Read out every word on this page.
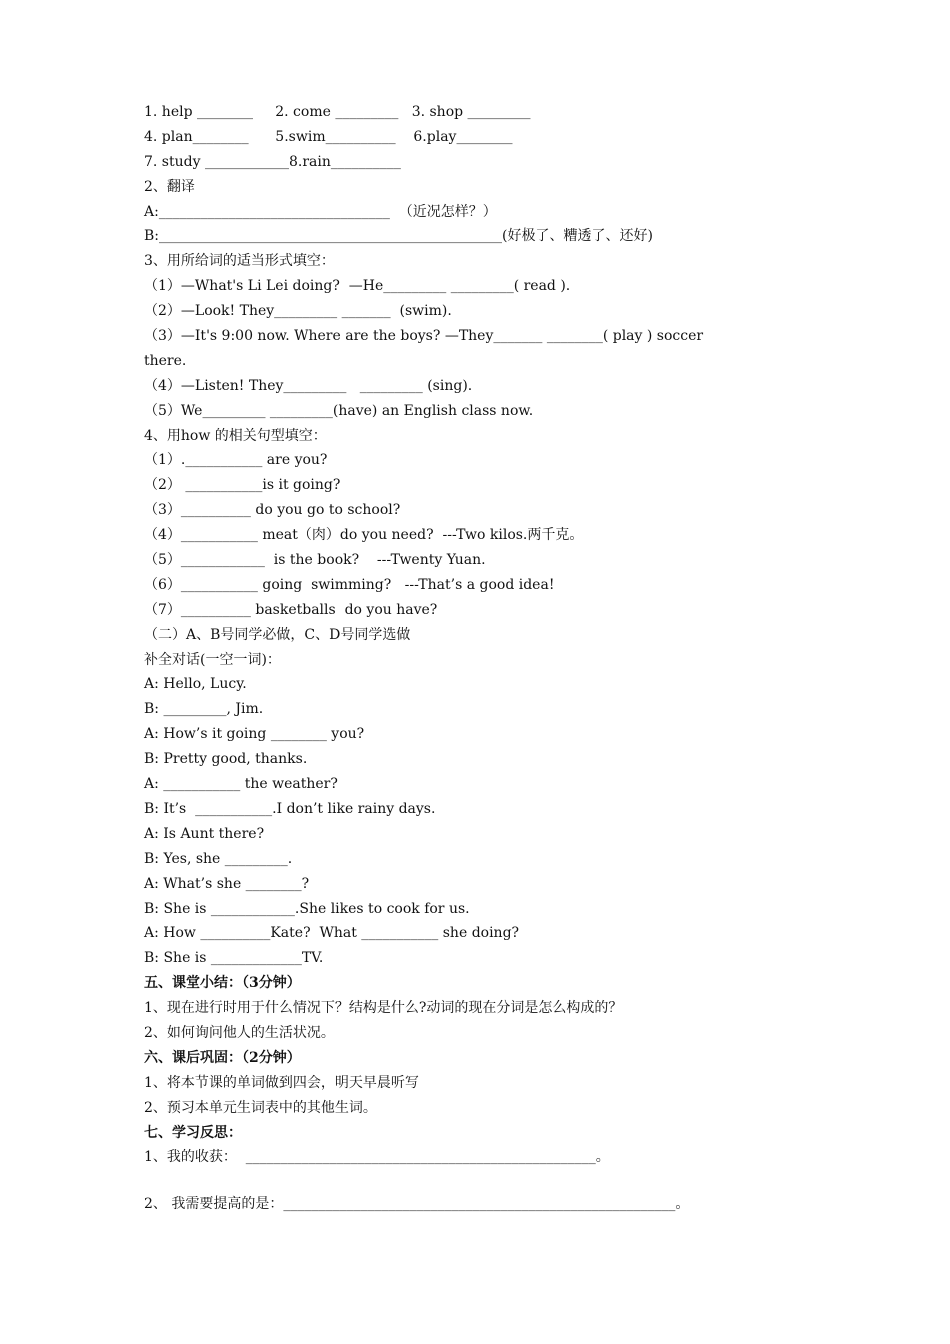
1. help ________     2. come _________   3. shop _________
4. plan________      5.swim__________    6.play________
7. study ____________8.rain__________
2、翻译
A:_________________________________  （近况怎样？）
B:_________________________________________________(好极了、糟透了、还好)
3、用所给词的适当形式填空：
（1）—What's Li Lei doing?  —He_________ _________( read ).
（2）—Look! They_________ _______  (swim).
（3）—It's 9:00 now. Where are the boys? —They_______ ________( play ) soccer
there.
（4）—Listen! They_________   _________ (sing).
（5）We_________ _________(have) an English class now.
4、用how 的相关句型填空：
（1）.___________ are you?
（2） ___________is it going?
（3）__________ do you go to school?
（4）___________ meat（肉）do you need?  ---Two kilos.两千克。
（5）____________  is the book?    ---Twenty Yuan.
（6）___________ going  swimming?   ---That’s a good idea!
（7）__________ basketballs  do you have?
（二）A、B号同学必做，C、D号同学选做
补全对话(一空一词)：
A: Hello, Lucy.
B: _________, Jim.
A: How’s it going ________ you?
B: Pretty good, thanks.
A: ___________ the weather?
B: It’s  ___________.I don’t like rainy days.
A: Is Aunt there?
B: Yes, she _________.
A: What’s she ________?
B: She is ____________.She likes to cook for us.
A: How __________Kate?  What ___________ she doing?
B: She is _____________TV.
五、课堂小结：（3分钟）
1、现在进行时用于什么情况下？结构是什么?动词的现在分词是怎么构成的？
2、如何询问他人的生活状况。
六、课后巩固：（2分钟）
1、将本节课的单词做到四会，明天早晨听写
2、预习本单元生词表中的其他生词。
七、学习反思：
1、我的收获：  __________________________________________________。
2、 我需要提高的是：________________________________________________________。
